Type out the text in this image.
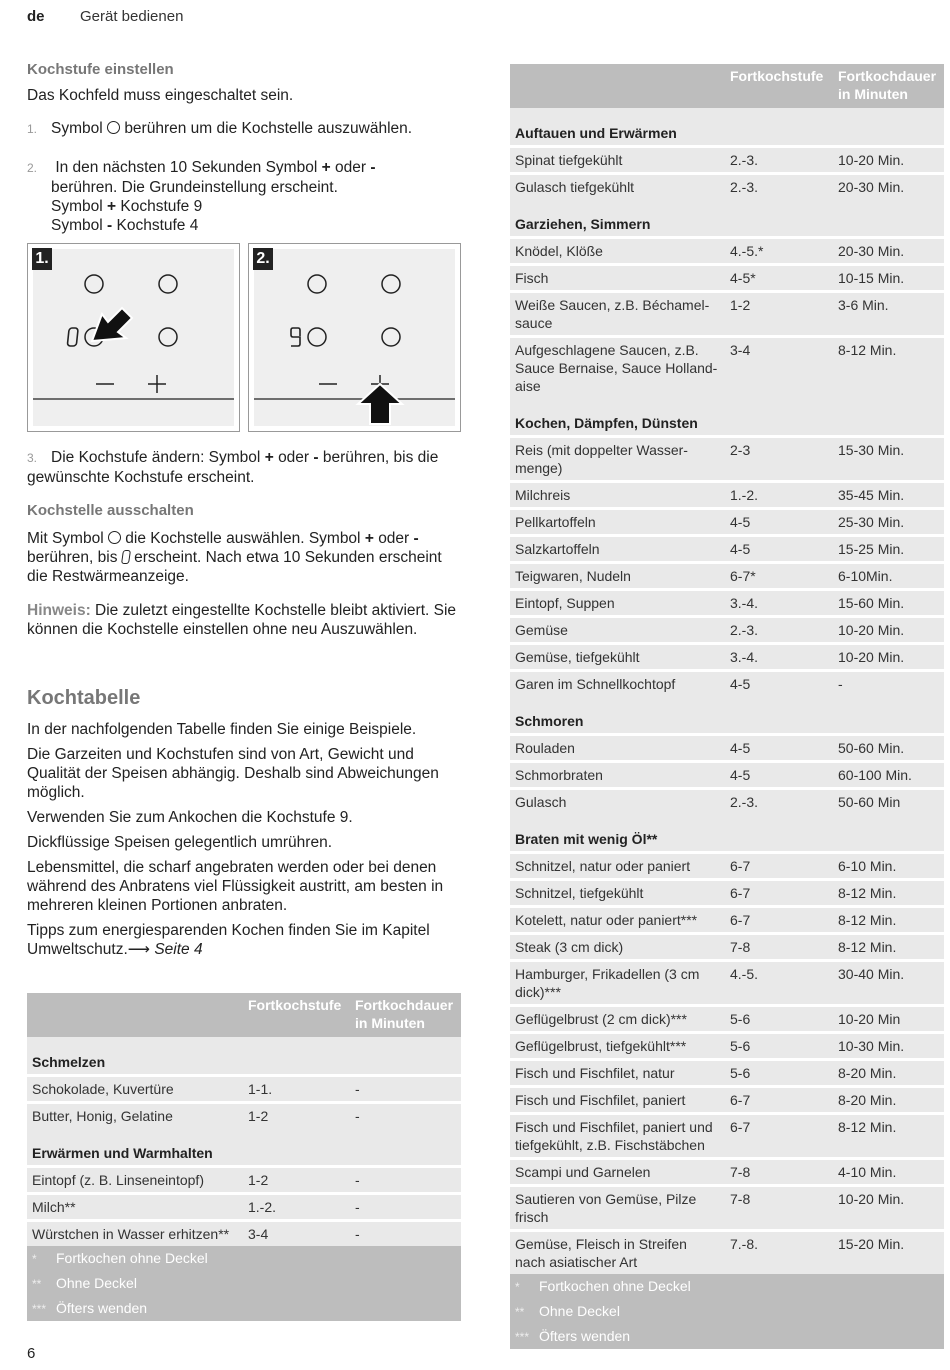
de Gerät bedienen
Kochstufe einstellen
Das Kochfeld muss eingeschaltet sein.
1. Symbol berühren um die Kochstelle auszuwählen.
2. In den nächsten 10 Sekunden Symbol + oder -
berühren. Die Grundeinstellung erscheint.
Symbol + Kochstufe 9
Symbol - Kochstufe 4
1.	2.
3. Die Kochstufe ändern: Symbol + oder - berühren, bis die gewünschte Kochstufe erscheint.
Kochstelle ausschalten
Mit Symbol die Kochstelle auswählen. Symbol + oder - berühren, bis erscheint. Nach etwa 10 Sekunden erscheint die Restwärmeanzeige.
Hinweis: Die zuletzt eingestellte Kochstelle bleibt aktiviert. Sie können die Kochstelle einstellen ohne neu Auszuwählen.
Kochtabelle

In der nachfolgenden Tabelle finden Sie einige Beispiele.

Die Garzeiten und Kochstufen sind von Art, Gewicht und Qualität der Speisen abhängig. Deshalb sind Abweichungen möglich.

Verwenden Sie zum Ankochen die Kochstufe 9.

Dickflüssige Speisen gelegentlich umrühren.

Lebensmittel, die scharf angebraten werden oder bei denen während des Anbratens viel Flüssigkeit austritt, am besten in mehreren kleinen Portionen anbraten.

Tipps zum energiesparenden Kochen finden Sie im Kapitel Umweltschutz.⟶ Seite 4

	Fortkochstufe	Fortkochdauer in Minuten
Schmelzen		
Schokolade, Kuvertüre	1-1.	-
Butter, Honig, Gelatine	1-2	-
Erwärmen und Warmhalten		
Eintopf (z. B. Linseneintopf)	1-2	-
Milch**	1.-2.	-
Würstchen in Wasser erhitzen**	3-4	-
* Fortkochen ohne Deckel		
** Ohne Deckel		
*** Öfters wenden		
	Fortkochstufe	Fortkochdauer in Minuten
Auftauen und Erwärmen		
Spinat tiefgekühlt	2.-3.	10-20 Min.
Gulasch tiefgekühlt	2.-3.	20-30 Min.
Garziehen, Simmern		
Knödel, Klöße	4.-5.*	20-30 Min.
Fisch	4-5*	10-15 Min.
Weiße Saucen, z.B. Béchamel-sauce	1-2	3-6 Min.
Aufgeschlagene Saucen, z.B. Sauce Bernaise, Sauce Holland-aise	3-4	8-12 Min.
Kochen, Dämpfen, Dünsten		
Reis (mit doppelter Wasser-menge)	2-3	15-30 Min.
Milchreis	1.-2.	35-45 Min.
Pellkartoffeln	4-5	25-30 Min.
Salzkartoffeln	4-5	15-25 Min.
Teigwaren, Nudeln	6-7*	6-10Min.
Eintopf, Suppen	3.-4.	15-60 Min.
Gemüse	2.-3.	10-20 Min.
Gemüse, tiefgekühlt	3.-4.	10-20 Min.
Garen im Schnellkochtopf	4-5	-
Schmoren		
Rouladen	4-5	50-60 Min.
Schmorbraten	4-5	60-100 Min.
Gulasch	2.-3.	50-60 Min
Braten mit wenig Öl**		
Schnitzel, natur oder paniert	6-7	6-10 Min.
Schnitzel, tiefgekühlt	6-7	8-12 Min.
Kotelett, natur oder paniert***	6-7	8-12 Min.
Steak (3 cm dick)	7-8	8-12 Min.
Hamburger, Frikadellen (3 cm dick)***	4.-5.	30-40 Min.
Geflügelbrust (2 cm dick)***	5-6	10-20 Min
Geflügelbrust, tiefgekühlt***	5-6	10-30 Min.
Fisch und Fischfilet, natur	5-6	8-20 Min.
Fisch und Fischfilet, paniert	6-7	8-20 Min.
Fisch und Fischfilet, paniert und tiefgekühlt, z.B. Fischstäbchen	6-7	8-12 Min.
Scampi und Garnelen	7-8	4-10 Min.
Sautieren von Gemüse, Pilze frisch	7-8	10-20 Min.
Gemüse, Fleisch in Streifen nach asiatischer Art	7.-8.	15-20 Min.
* Fortkochen ohne Deckel		
** Ohne Deckel		
*** Öfters wenden		
6
